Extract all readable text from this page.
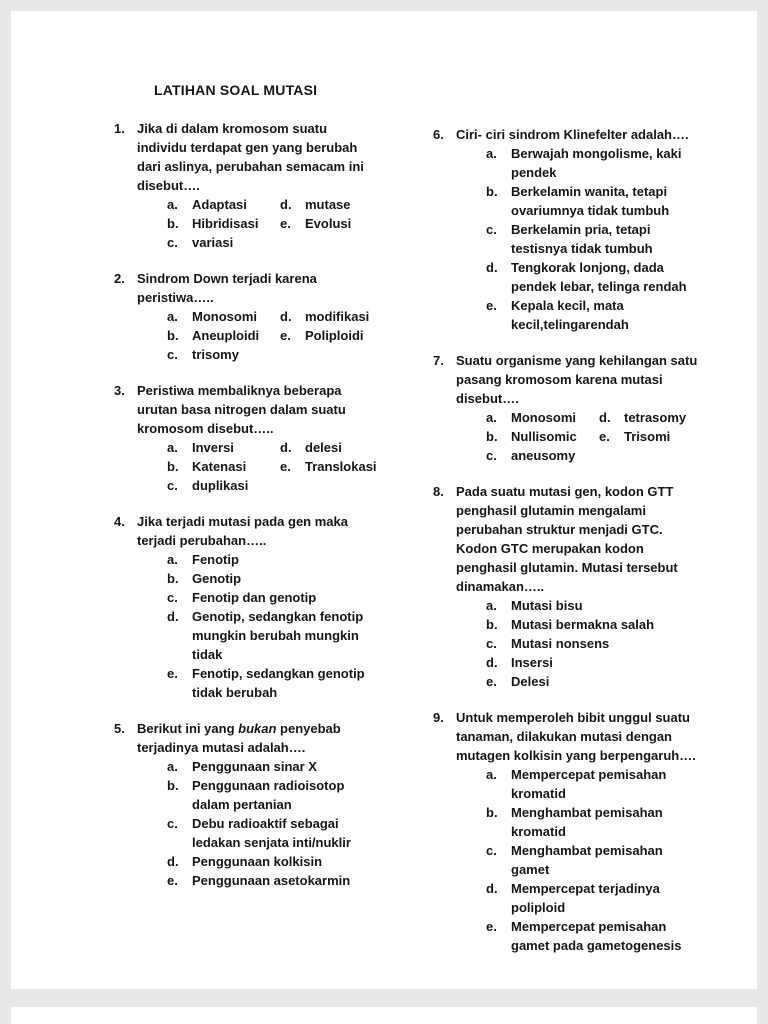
LATIHAN SOAL MUTASI
1. Jika di dalam kromosom suatu individu terdapat gen yang berubah dari aslinya, perubahan semacam ini disebut….
a.	Adaptasi	d.	mutase
b.	Hibridisasi	e.	Evolusi
c.	variasi
2. Sindrom Down terjadi karena peristiwa…..
a.	Monosomi	d.	modifikasi
b.	Aneuploidi	e.	Poliploidi
c.	trisomy
3. Peristiwa membaliknya beberapa urutan basa nitrogen dalam suatu kromosom disebut…..
a.	Inversi	d.	delesi
b.	Katenasi	e.	Translokasi
c.	duplikasi
4. Jika terjadi mutasi pada gen maka terjadi perubahan…..
a.	Fenotip
b.	Genotip
c.	Fenotip dan genotip
d.	Genotip, sedangkan fenotip mungkin berubah mungkin tidak
e.	Fenotip, sedangkan genotip tidak berubah
5. Berikut ini yang bukan penyebab terjadinya mutasi adalah….
a.	Penggunaan sinar X
b.	Penggunaan radioisotop dalam pertanian
c.	Debu radioaktif sebagai ledakan senjata inti/nuklir
d.	Penggunaan kolkisin
e.	Penggunaan asetokarmin
6. Ciri- ciri sindrom Klinefelter adalah….
a.	Berwajah mongolisme, kaki pendek
b.	Berkelamin wanita, tetapi ovariumnya tidak tumbuh
c.	Berkelamin pria, tetapi testisnya tidak tumbuh
d.	Tengkorak lonjong, dada pendek lebar, telinga rendah
e.	Kepala kecil, mata kecil,telingarendah
7. Suatu organisme yang kehilangan satu pasang kromosom karena mutasi disebut….
a.	Monosomi	d.	tetrasomy
b.	Nullisomic	e.	Trisomi
c.	aneusomy
8. Pada suatu mutasi gen, kodon GTT penghasil glutamin mengalami perubahan struktur menjadi GTC. Kodon GTC merupakan kodon penghasil glutamin. Mutasi tersebut dinamakan…..
a.	Mutasi bisu
b.	Mutasi bermakna salah
c.	Mutasi nonsens
d.	Insersi
e.	Delesi
9. Untuk memperoleh bibit unggul suatu tanaman, dilakukan mutasi dengan mutagen kolkisin yang berpengaruh….
a.	Mempercepat pemisahan kromatid
b.	Menghambat pemisahan kromatid
c.	Menghambat pemisahan gamet
d.	Mempercepat terjadinya poliploid
e.	Mempercepat pemisahan gamet pada gametogenesis
